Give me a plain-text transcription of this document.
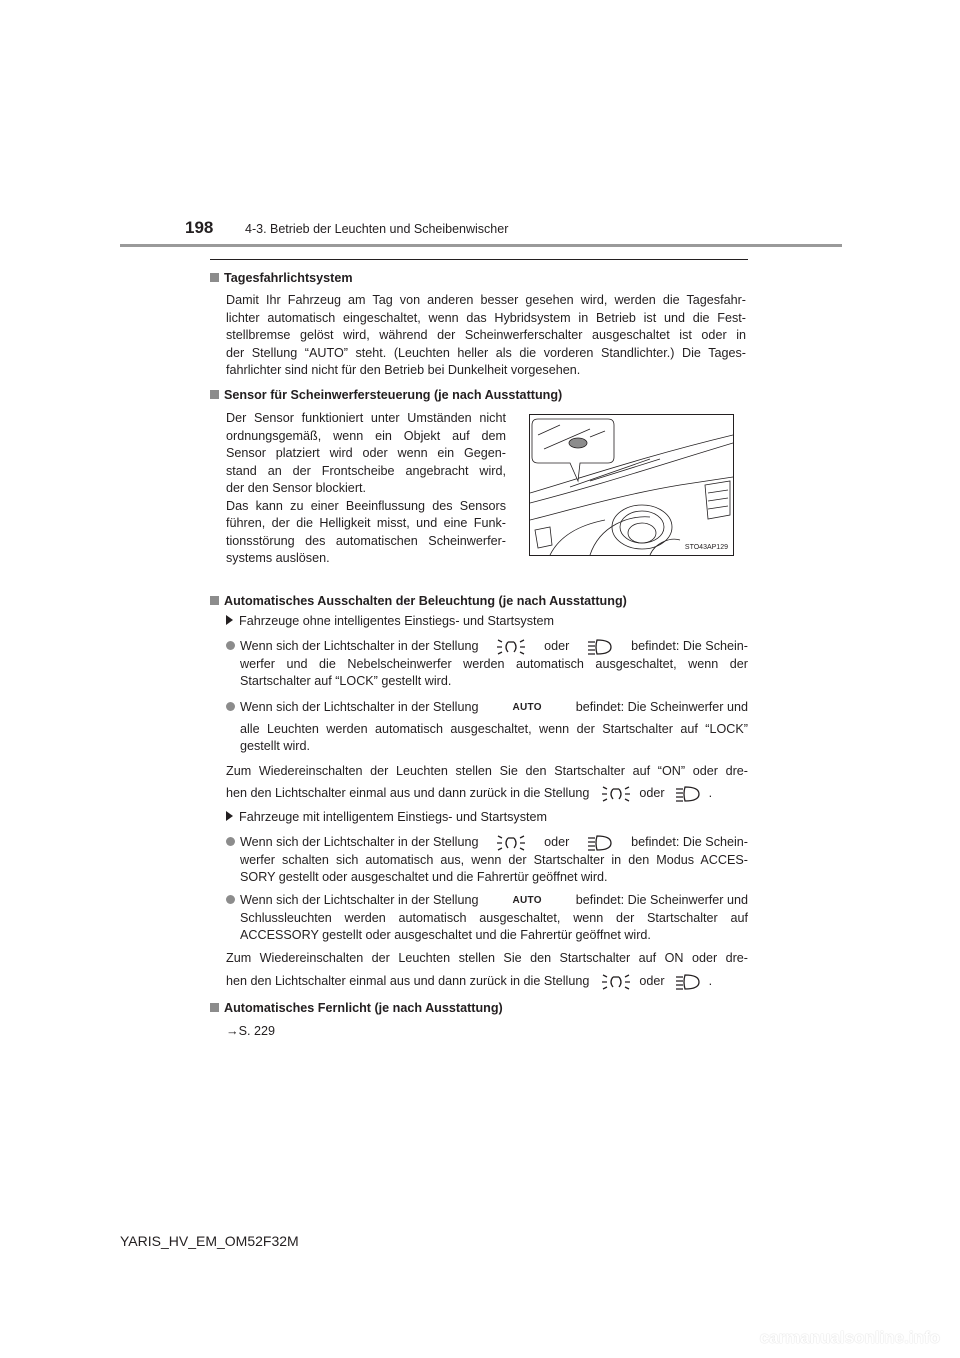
198	4-3. Betrieb der Leuchten und Scheibenwischer
Tagesfahrlichtsystem
Damit Ihr Fahrzeug am Tag von anderen besser gesehen wird, werden die Tagesfahr-
lichter automatisch eingeschaltet, wenn das Hybridsystem in Betrieb ist und die Fest-
stellbremse gelöst wird, während der Scheinwerferschalter ausgeschaltet ist oder in
der Stellung “AUTO” steht. (Leuchten heller als die vorderen Standlichter.) Die Tages-
fahrlichter sind nicht für den Betrieb bei Dunkelheit vorgesehen.
Sensor für Scheinwerfersteuerung (je nach Ausstattung)
Der Sensor funktioniert unter Umständen nicht
ordnungsgemäß, wenn ein Objekt auf dem
Sensor platziert wird oder wenn ein Gegen-
stand an der Frontscheibe angebracht wird,
der den Sensor blockiert.
Das kann zu einer Beeinflussung des Sensors
führen, der die Helligkeit misst, und eine Funk-
tionsstörung des automatischen Scheinwerfer-
systems auslösen.
STO43AP129
Automatisches Ausschalten der Beleuchtung (je nach Ausstattung)
Fahrzeuge ohne intelligentes Einstiegs- und Startsystem
Wenn sich der Lichtschalter in der Stellung	oder	befindet: Die Schein-
werfer und die Nebelscheinwerfer werden automatisch ausgeschaltet, wenn der
Startschalter auf “LOCK” gestellt wird.
Wenn sich der Lichtschalter in der Stellung	AUTO	befindet: Die Scheinwerfer und
alle Leuchten werden automatisch ausgeschaltet, wenn der Startschalter auf “LOCK”
gestellt wird.
Zum Wiedereinschalten der Leuchten stellen Sie den Startschalter auf “ON” oder dre-
hen den Lichtschalter einmal aus und dann zurück in die Stellung	oder	.
Fahrzeuge mit intelligentem Einstiegs- und Startsystem
Wenn sich der Lichtschalter in der Stellung	oder	befindet: Die Schein-
werfer schalten sich automatisch aus, wenn der Startschalter in den Modus ACCES-
SORY gestellt oder ausgeschaltet und die Fahrertür geöffnet wird.
Wenn sich der Lichtschalter in der Stellung	AUTO	befindet: Die Scheinwerfer und
Schlussleuchten werden automatisch ausgeschaltet, wenn der Startschalter auf
ACCESSORY gestellt oder ausgeschaltet und die Fahrertür geöffnet wird.
Zum Wiedereinschalten der Leuchten stellen Sie den Startschalter auf ON oder dre-
hen den Lichtschalter einmal aus und dann zurück in die Stellung	oder	.
Automatisches Fernlicht (je nach Ausstattung)
→S. 229
YARIS_HV_EM_OM52F32M
carmanualsonline.info
